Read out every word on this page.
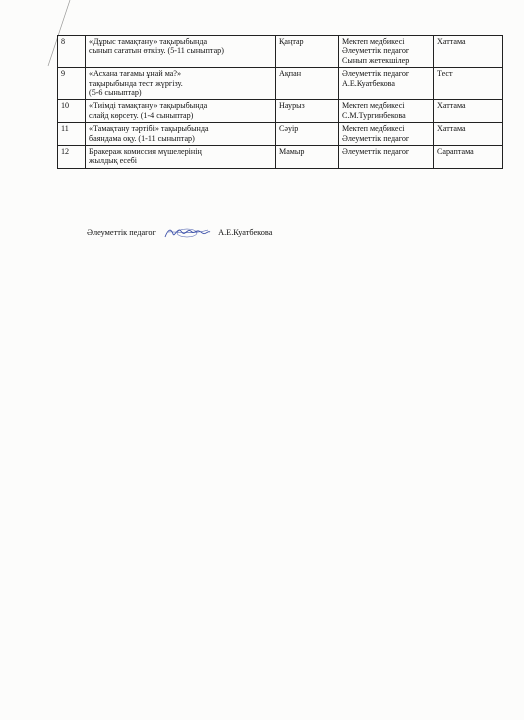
8	«Дұрыс тамақтану» тақырыбында
сынып сағатын өткізу. (5-11 сыныптар)	Қаңтар	Мектеп медбикесі
Әлеуметтік педагог
Сынып жетекшілер	Хаттама
9	«Асхана тағамы ұнай ма?»
тақырыбында тест жүргізу.
(5-6 сыныптар)	Ақпан	Әлеуметтік педагог
А.Е.Куатбекова	Тест
10	«Тиімді тамақтану» тақырыбында
слайд көрсету. (1-4 сыныптар)	Наурыз	Мектеп медбикесі
С.М.Тургинбекова	Хаттама
11	«Тамақтану тәртібі» тақырыбында
баяндама оқу. (1-11 сыныптар)	Сәуір	Мектеп медбикесі
Әлеуметтік педагог	Хаттама
12	Бракераж комиссия мүшелерінің
жылдық есебі	Мамыр	Әлеуметтік педагог	Сараптама
Әлеуметтік педагог	А.Е.Куатбекова
